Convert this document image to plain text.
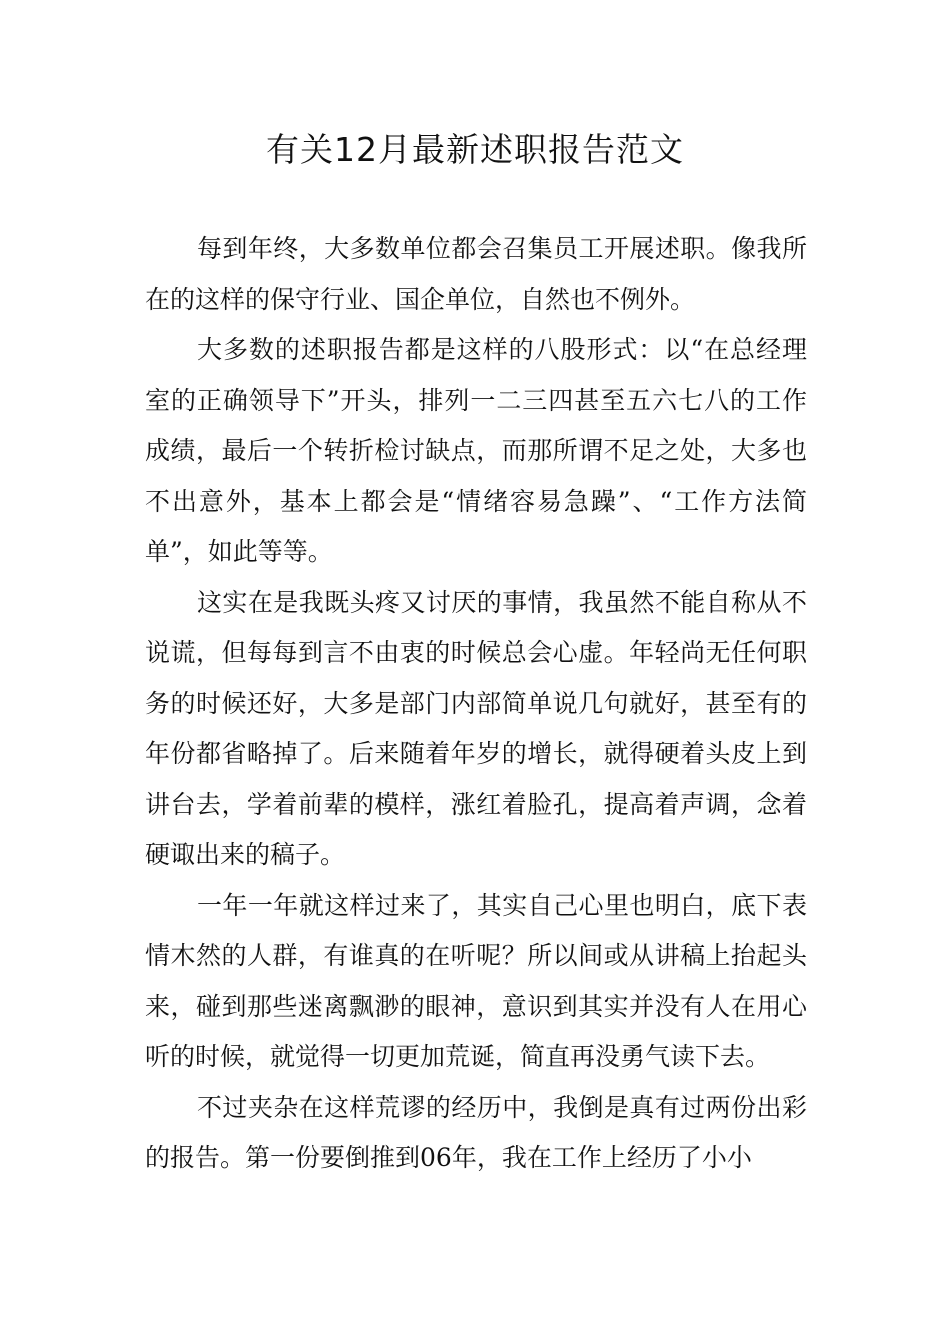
有关12月最新述职报告范文

每到年终，大多数单位都会召集员工开展述职。像我所在的这样的保守行业、国企单位，自然也不例外。

大多数的述职报告都是这样的八股形式：以“在总经理室的正确领导下”开头，排列一二三四甚至五六七八的工作成绩，最后一个转折检讨缺点，而那所谓不足之处，大多也不出意外，基本上都会是“情绪容易急躁”、“工作方法简单”，如此等等。

这实在是我既头疼又讨厌的事情，我虽然不能自称从不说谎，但每每到言不由衷的时候总会心虚。年轻尚无任何职务的时候还好，大多是部门内部简单说几句就好，甚至有的年份都省略掉了。后来随着年岁的增长，就得硬着头皮上到讲台去，学着前辈的模样，涨红着脸孔，提高着声调，念着硬诹出来的稿子。

一年一年就这样过来了，其实自己心里也明白，底下表情木然的人群，有谁真的在听呢？所以间或从讲稿上抬起头来，碰到那些迷离飘渺的眼神，意识到其实并没有人在用心听的时候，就觉得一切更加荒诞，简直再没勇气读下去。

不过夹杂在这样荒谬的经历中，我倒是真有过两份出彩的报告。第一份要倒推到06年，我在工作上经历了小小
